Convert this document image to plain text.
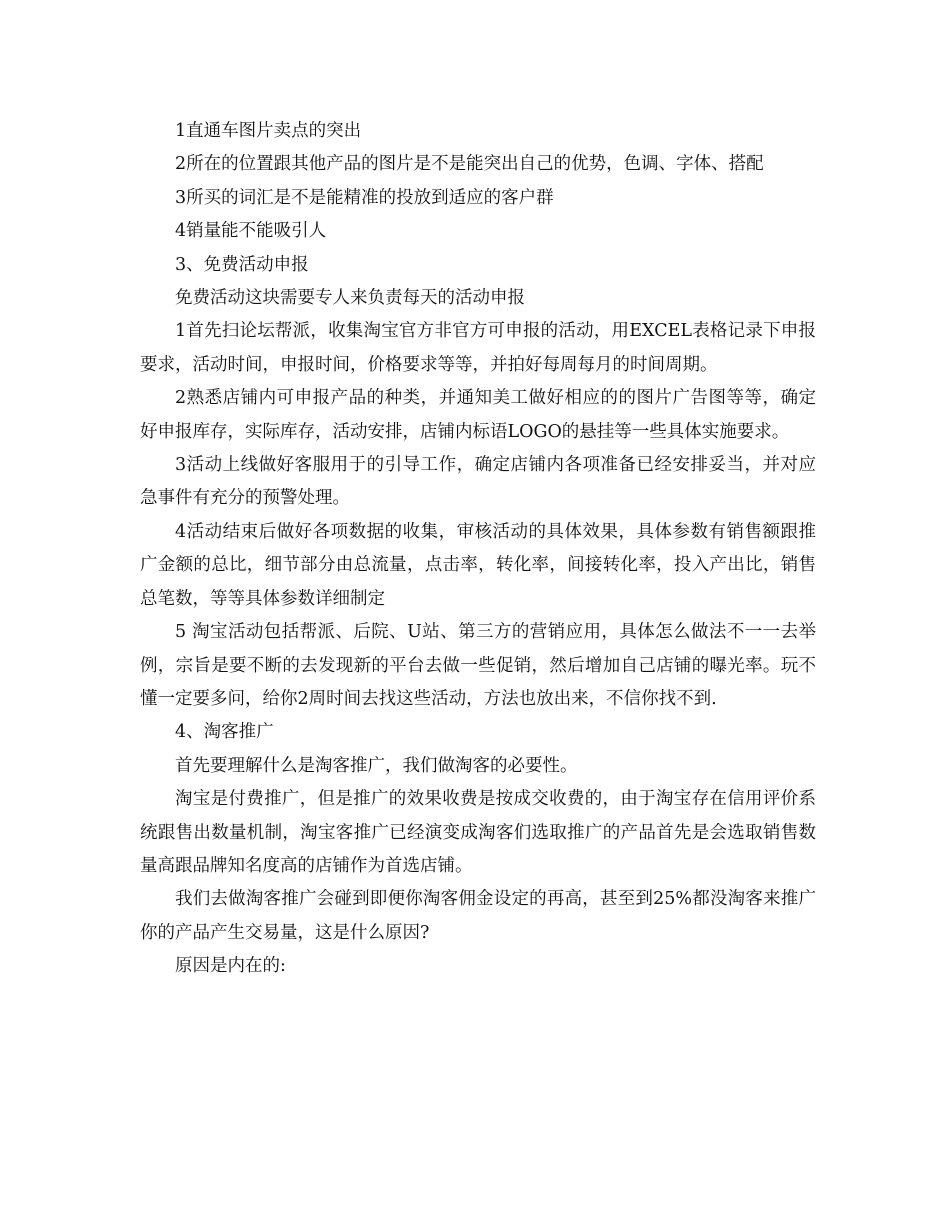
1直通车图片卖点的突出

2所在的位置跟其他产品的图片是不是能突出自己的优势，色调、字体、搭配

3所买的词汇是不是能精准的投放到适应的客户群

4销量能不能吸引人

3、免费活动申报

免费活动这块需要专人来负责每天的活动申报

1首先扫论坛帮派，收集淘宝官方非官方可申报的活动，用EXCEL表格记录下申报要求，活动时间，申报时间，价格要求等等，并拍好每周每月的时间周期。

2熟悉店铺内可申报产品的种类，并通知美工做好相应的的图片广告图等等，确定好申报库存，实际库存，活动安排，店铺内标语LOGO的悬挂等一些具体实施要求。

3活动上线做好客服用于的引导工作，确定店铺内各项准备已经安排妥当，并对应急事件有充分的预警处理。

4活动结束后做好各项数据的收集，审核活动的具体效果，具体参数有销售额跟推广金额的总比，细节部分由总流量，点击率，转化率，间接转化率，投入产出比，销售总笔数，等等具体参数详细制定

5 淘宝活动包括帮派、后院、U站、第三方的营销应用，具体怎么做法不一一去举例，宗旨是要不断的去发现新的平台去做一些促销，然后增加自己店铺的曝光率。玩不懂一定要多问，给你2周时间去找这些活动，方法也放出来，不信你找不到.

4、淘客推广

首先要理解什么是淘客推广，我们做淘客的必要性。

淘宝是付费推广，但是推广的效果收费是按成交收费的，由于淘宝存在信用评价系统跟售出数量机制，淘宝客推广已经演变成淘客们选取推广的产品首先是会选取销售数量高跟品牌知名度高的店铺作为首选店铺。

我们去做淘客推广会碰到即便你淘客佣金设定的再高，甚至到25%都没淘客来推广你的产品产生交易量，这是什么原因?

原因是内在的:
